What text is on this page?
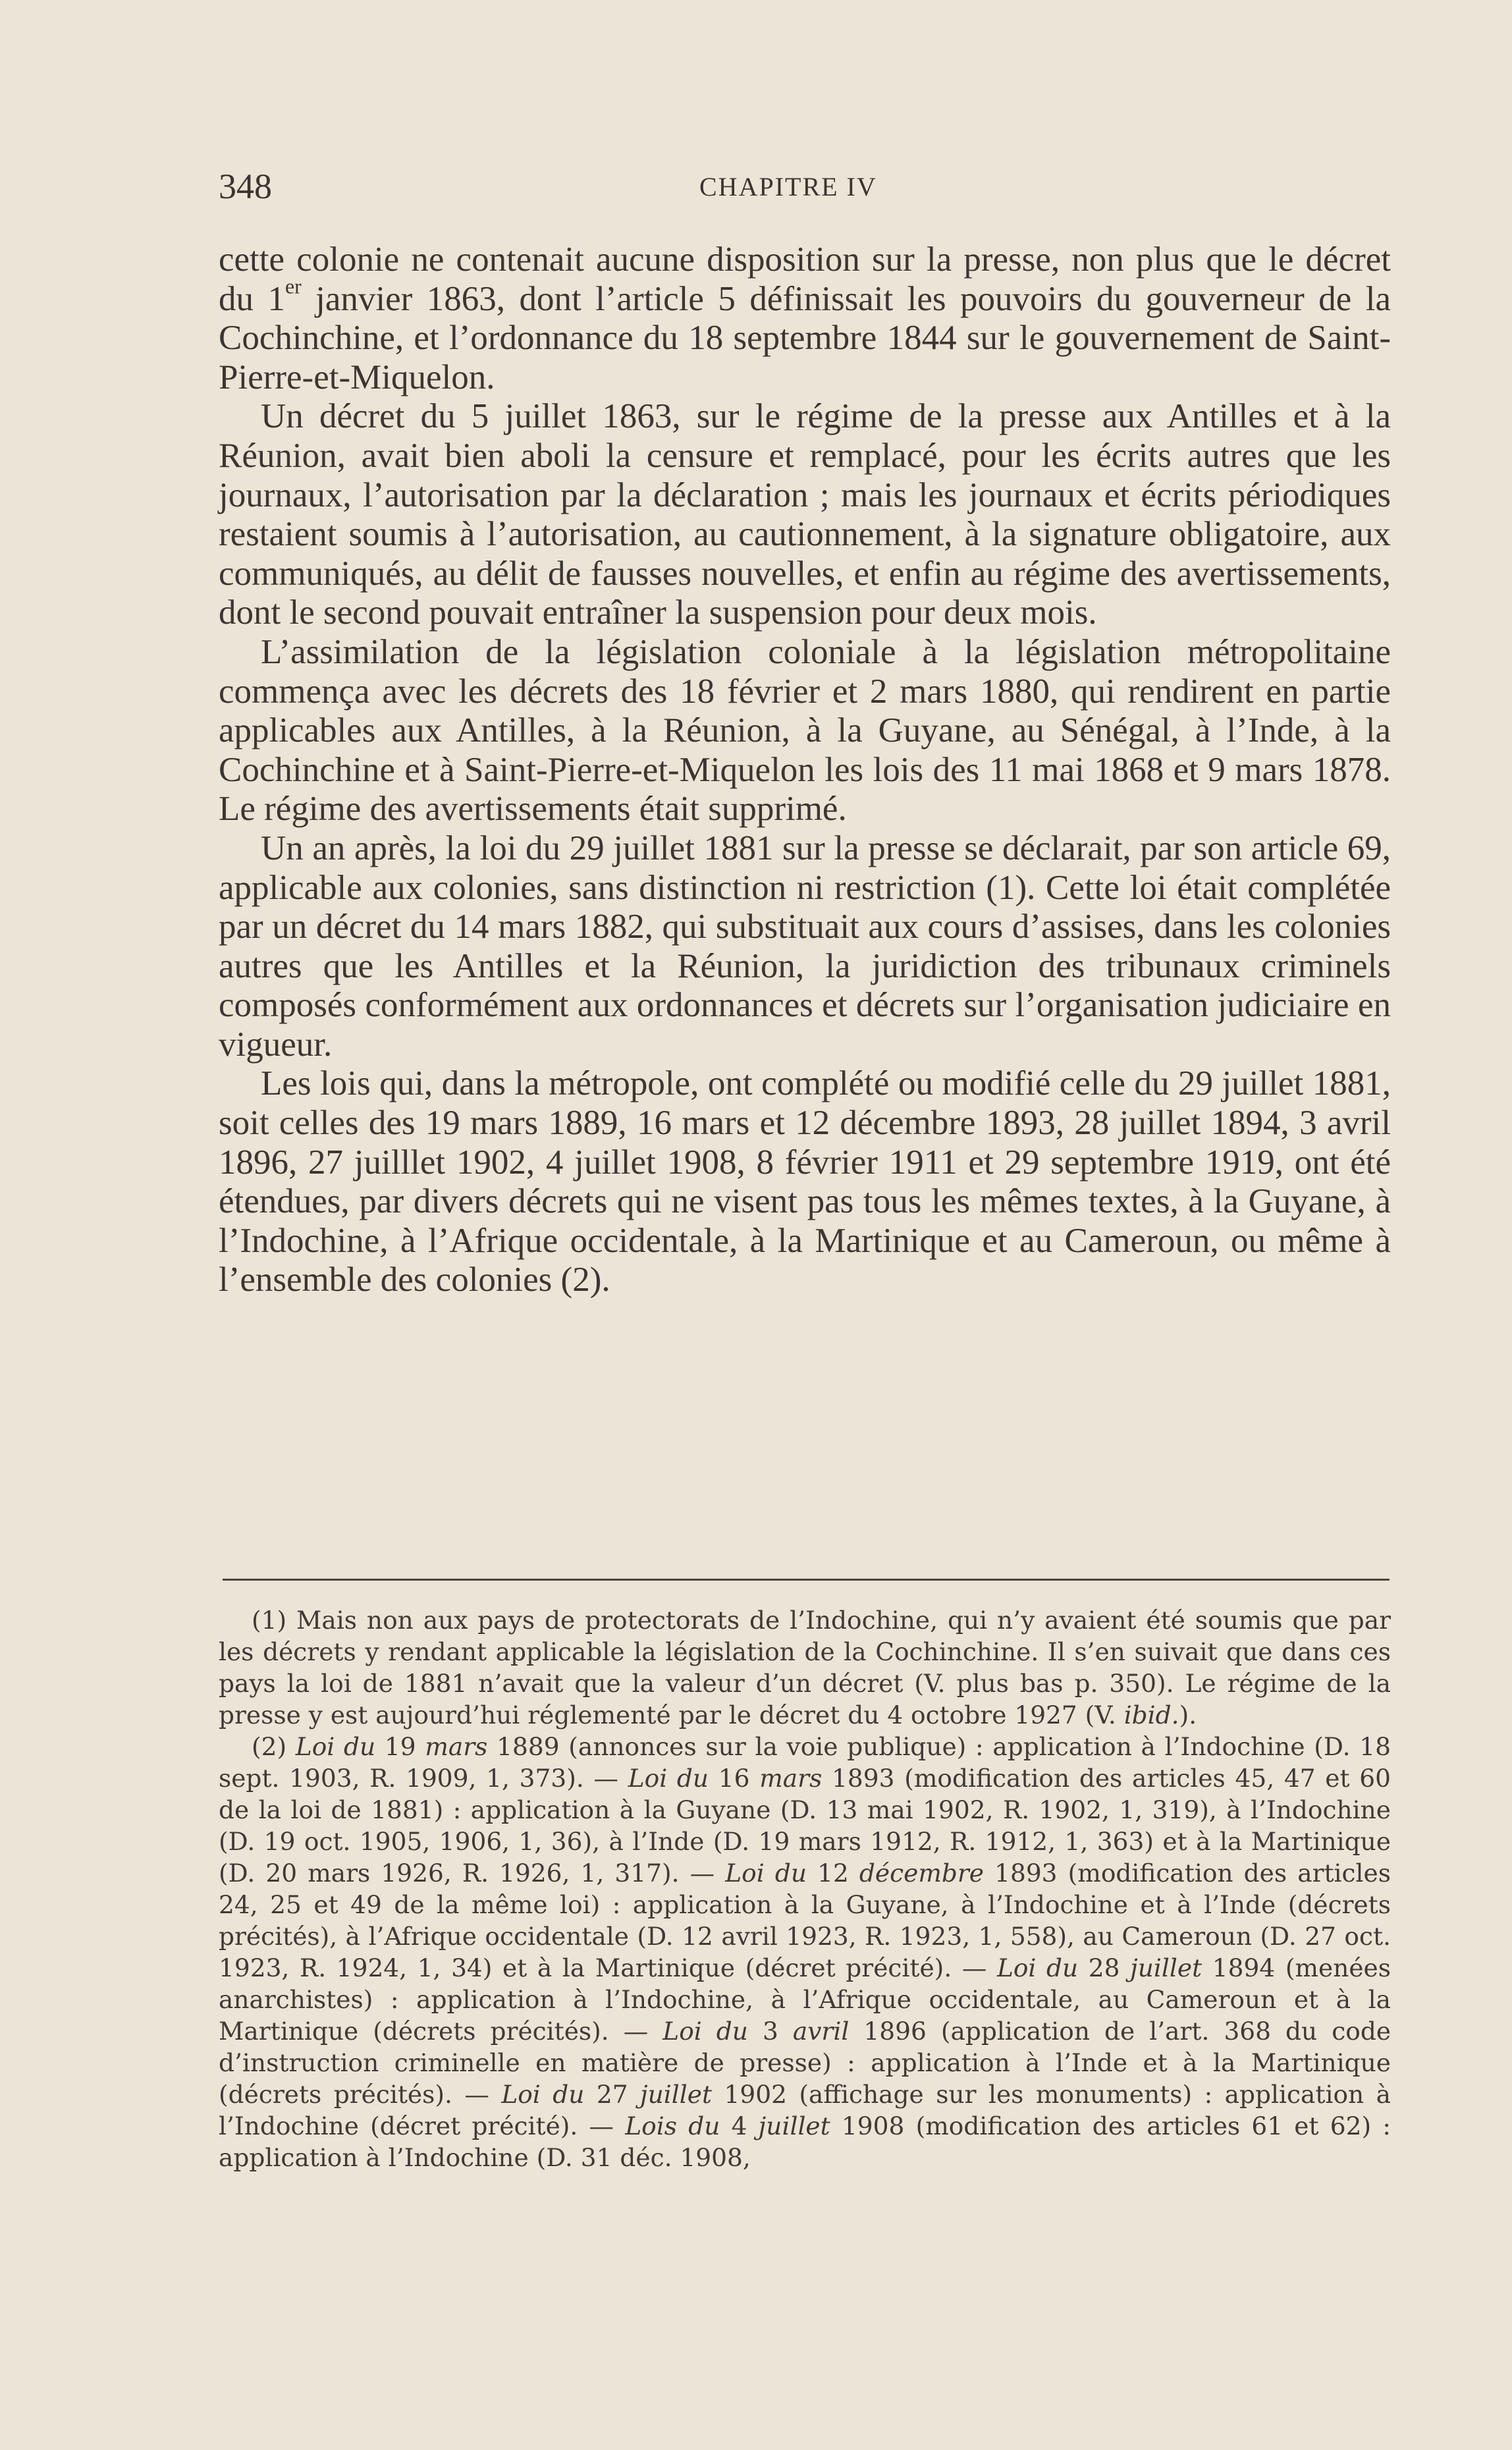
348	CHAPITRE IV

cette colonie ne contenait aucune disposition sur la presse, non plus que le décret du 1er janvier 1863, dont l’article 5 définissait les pouvoirs du gouverneur de la Cochinchine, et l’ordonnance du 18 septembre 1844 sur le gouvernement de Saint-Pierre-et-Miquelon.

Un décret du 5 juillet 1863, sur le régime de la presse aux Antilles et à la Réunion, avait bien aboli la censure et remplacé, pour les écrits autres que les journaux, l’autorisation par la déclaration ; mais les journaux et écrits périodiques restaient soumis à l’autorisation, au cautionnement, à la signature obligatoire, aux communiqués, au délit de fausses nouvelles, et enfin au régime des avertissements, dont le second pouvait entraîner la suspension pour deux mois.

L’assimilation de la législation coloniale à la législation métropolitaine commença avec les décrets des 18 février et 2 mars 1880, qui rendirent en partie applicables aux Antilles, à la Réunion, à la Guyane, au Sénégal, à l’Inde, à la Cochinchine et à Saint-Pierre-et-Miquelon les lois des 11 mai 1868 et 9 mars 1878. Le régime des avertissements était supprimé.

Un an après, la loi du 29 juillet 1881 sur la presse se déclarait, par son article 69, applicable aux colonies, sans distinction ni restriction (1). Cette loi était complétée par un décret du 14 mars 1882, qui substituait aux cours d’assises, dans les colonies autres que les Antilles et la Réunion, la juridiction des tribunaux criminels composés conformément aux ordonnances et décrets sur l’organisation judiciaire en vigueur.

Les lois qui, dans la métropole, ont complété ou modifié celle du 29 juillet 1881, soit celles des 19 mars 1889, 16 mars et 12 décembre 1893, 28 juillet 1894, 3 avril 1896, 27 juilllet 1902, 4 juillet 1908, 8 février 1911 et 29 septembre 1919, ont été étendues, par divers décrets qui ne visent pas tous les mêmes textes, à la Guyane, à l’Indochine, à l’Afrique occidentale, à la Martinique et au Cameroun, ou même à l’ensemble des colonies (2).

(1) Mais non aux pays de protectorats de l’Indochine, qui n’y avaient été soumis que par les décrets y rendant applicable la législation de la Cochinchine. Il s’en suivait que dans ces pays la loi de 1881 n’avait que la valeur d’un décret (V. plus bas p. 350). Le régime de la presse y est aujourd’hui réglementé par le décret du 4 octobre 1927 (V. ibid.).

(2) Loi du 19 mars 1889 (annonces sur la voie publique) : application à l’Indochine (D. 18 sept. 1903, R. 1909, 1, 373). — Loi du 16 mars 1893 (modification des articles 45, 47 et 60 de la loi de 1881) : application à la Guyane (D. 13 mai 1902, R. 1902, 1, 319), à l’Indochine (D. 19 oct. 1905, 1906, 1, 36), à l’Inde (D. 19 mars 1912, R. 1912, 1, 363) et à la Martinique (D. 20 mars 1926, R. 1926, 1, 317). — Loi du 12 décembre 1893 (modification des articles 24, 25 et 49 de la même loi) : application à la Guyane, à l’Indochine et à l’Inde (décrets précités), à l’Afrique occidentale (D. 12 avril 1923, R. 1923, 1, 558), au Cameroun (D. 27 oct. 1923, R. 1924, 1, 34) et à la Martinique (décret précité). — Loi du 28 juillet 1894 (menées anarchistes) : application à l’Indochine, à l’Afrique occidentale, au Cameroun et à la Martinique (décrets précités). — Loi du 3 avril 1896 (application de l’art. 368 du code d’instruction criminelle en matière de presse) : application à l’Inde et à la Martinique (décrets précités). — Loi du 27 juillet 1902 (affichage sur les monuments) : application à l’Indochine (décret précité). — Lois du 4 juillet 1908 (modification des articles 61 et 62) : application à l’Indochine (D. 31 déc. 1908,
